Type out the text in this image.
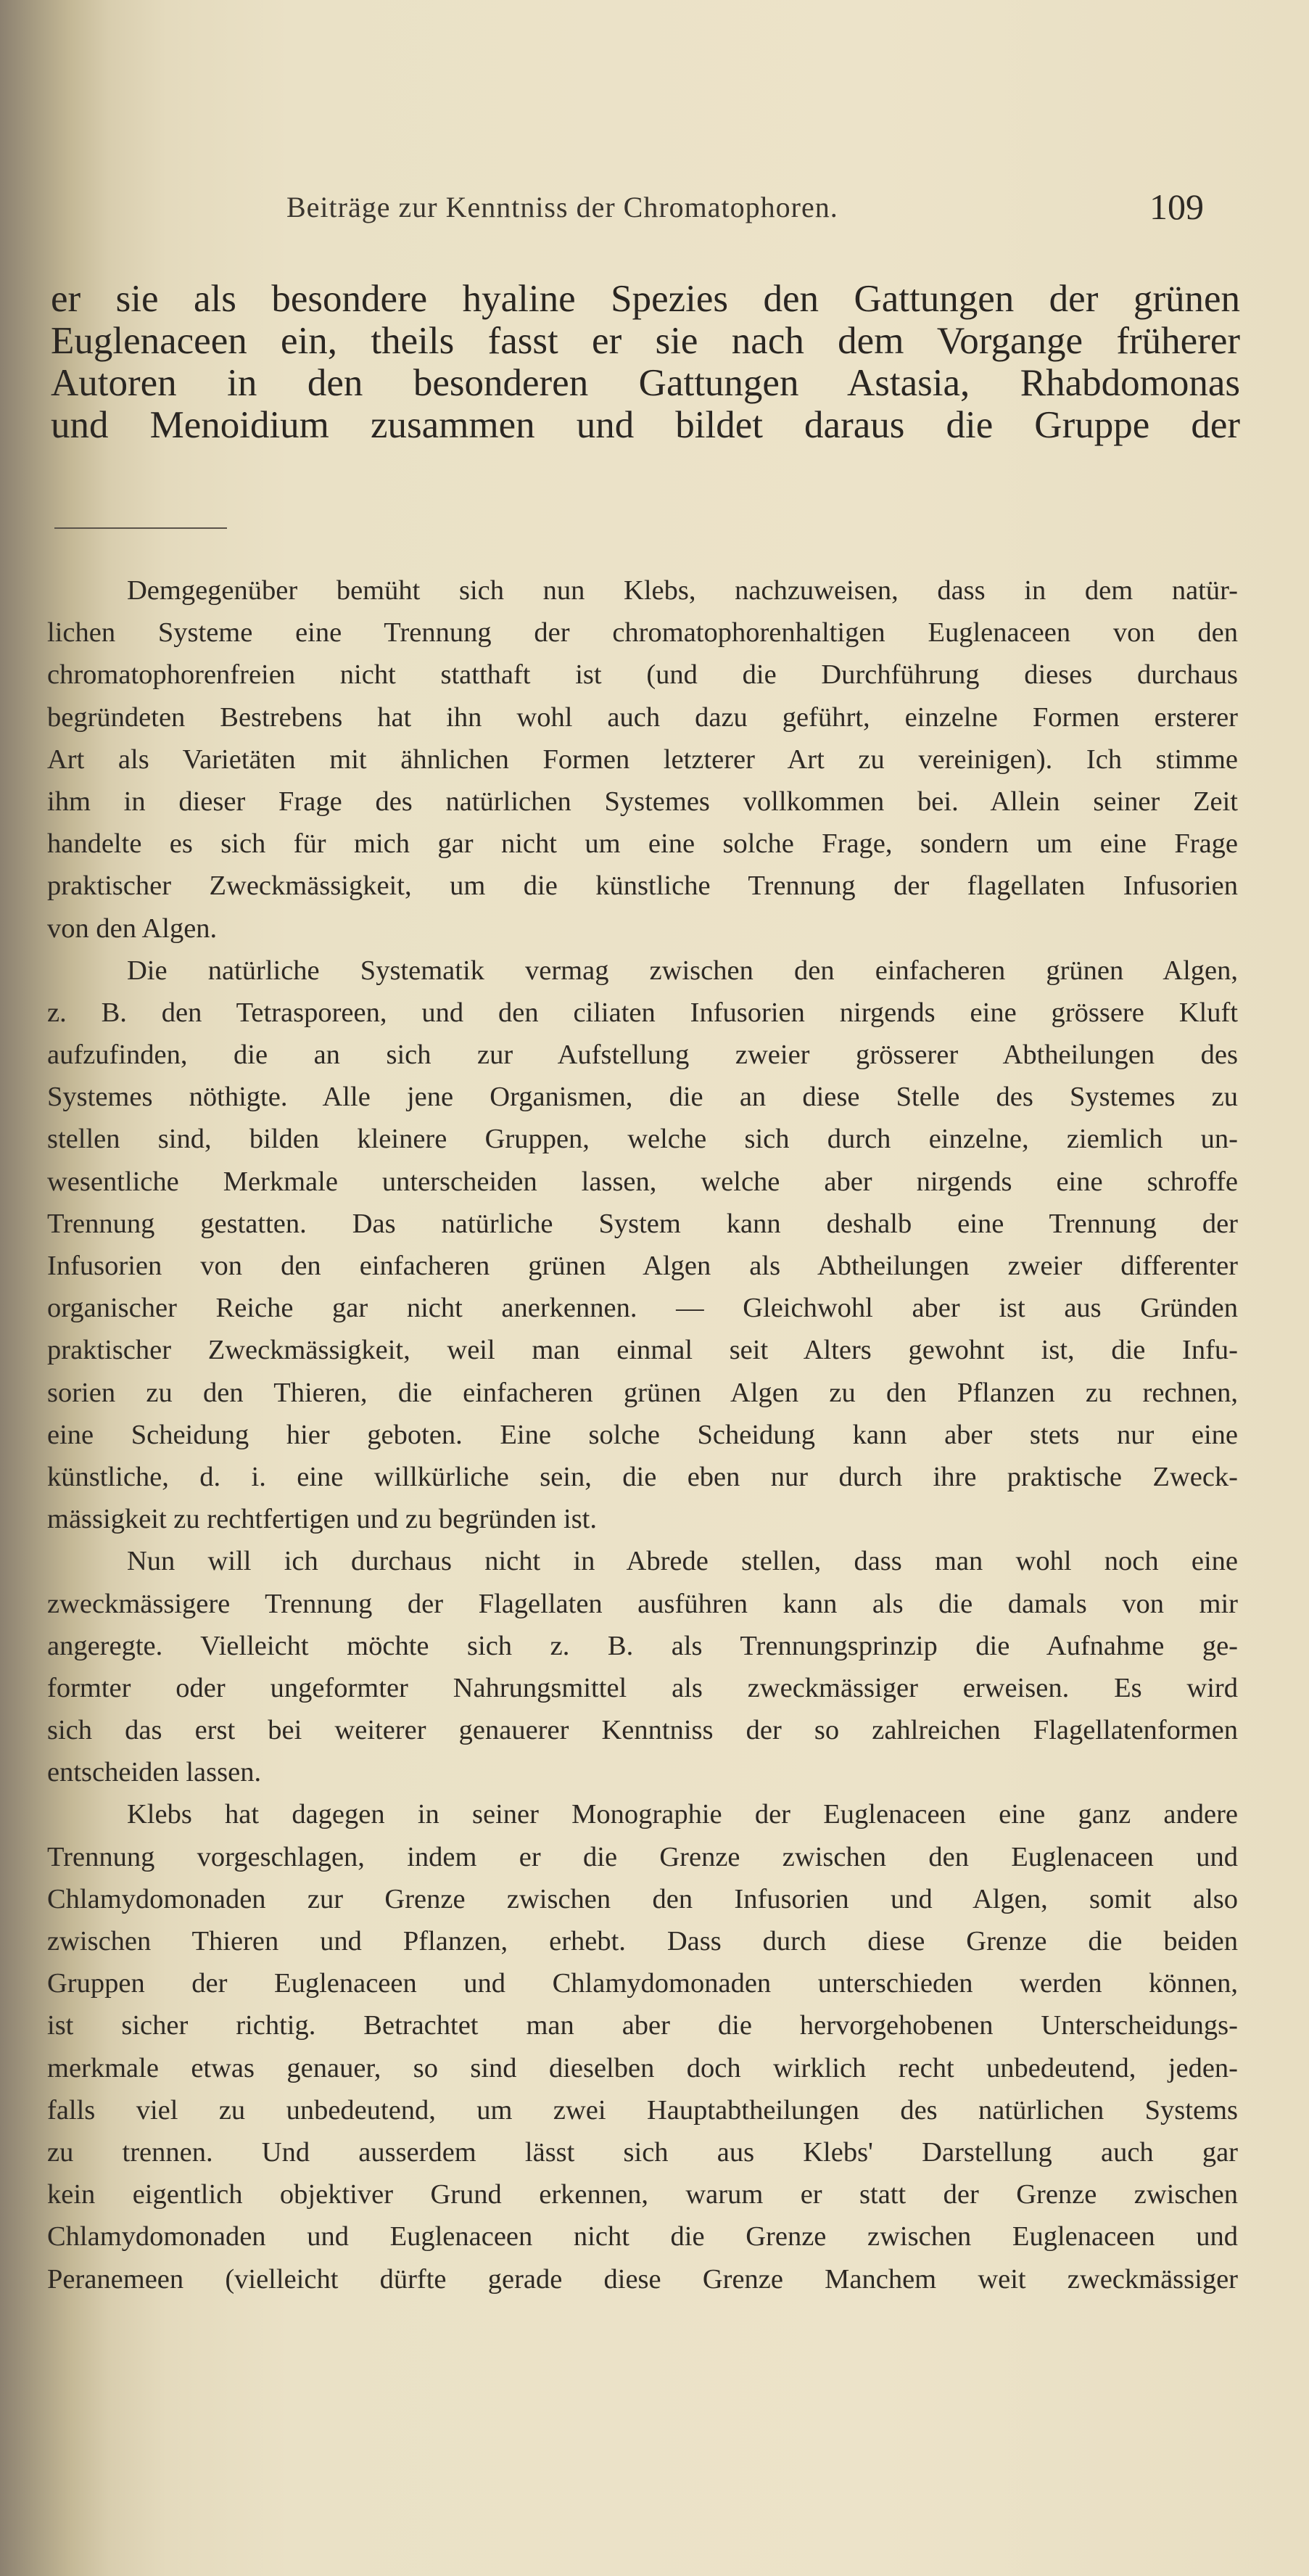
Beiträge zur Kenntniss der Chromatophoren.	109
er sie als besondere hyaline Spezies den Gattungen der grünen
Euglenaceen ein, theils fasst er sie nach dem Vorgange früherer
Autoren in den besonderen Gattungen Astasia, Rhabdomonas
und Menoidium zusammen und bildet daraus die Gruppe der

Demgegenüber bemüht sich nun Klebs, nachzuweisen, dass in dem natür-
lichen Systeme eine Trennung der chromatophorenhaltigen Euglenaceen von den
chromatophorenfreien nicht statthaft ist (und die Durchführung dieses durchaus
begründeten Bestrebens hat ihn wohl auch dazu geführt, einzelne Formen ersterer
Art als Varietäten mit ähnlichen Formen letzterer Art zu vereinigen). Ich stimme
ihm in dieser Frage des natürlichen Systemes vollkommen bei. Allein seiner Zeit
handelte es sich für mich gar nicht um eine solche Frage, sondern um eine Frage
praktischer Zweckmässigkeit, um die künstliche Trennung der flagellaten Infusorien
von den Algen.

Die natürliche Systematik vermag zwischen den einfacheren grünen Algen,
z. B. den Tetrasporeen, und den ciliaten Infusorien nirgends eine grössere Kluft
aufzufinden, die an sich zur Aufstellung zweier grösserer Abtheilungen des
Systemes nöthigte. Alle jene Organismen, die an diese Stelle des Systemes zu
stellen sind, bilden kleinere Gruppen, welche sich durch einzelne, ziemlich un-
wesentliche Merkmale unterscheiden lassen, welche aber nirgends eine schroffe
Trennung gestatten. Das natürliche System kann deshalb eine Trennung der
Infusorien von den einfacheren grünen Algen als Abtheilungen zweier differenter
organischer Reiche gar nicht anerkennen. — Gleichwohl aber ist aus Gründen
praktischer Zweckmässigkeit, weil man einmal seit Alters gewohnt ist, die Infu-
sorien zu den Thieren, die einfacheren grünen Algen zu den Pflanzen zu rechnen,
eine Scheidung hier geboten. Eine solche Scheidung kann aber stets nur eine
künstliche, d. i. eine willkürliche sein, die eben nur durch ihre praktische Zweck-
mässigkeit zu rechtfertigen und zu begründen ist.

Nun will ich durchaus nicht in Abrede stellen, dass man wohl noch eine
zweckmässigere Trennung der Flagellaten ausführen kann als die damals von mir
angeregte. Vielleicht möchte sich z. B. als Trennungsprinzip die Aufnahme ge-
formter oder ungeformter Nahrungsmittel als zweckmässiger erweisen. Es wird
sich das erst bei weiterer genauerer Kenntniss der so zahlreichen Flagellatenformen
entscheiden lassen.

Klebs hat dagegen in seiner Monographie der Euglenaceen eine ganz andere
Trennung vorgeschlagen, indem er die Grenze zwischen den Euglenaceen und
Chlamydomonaden zur Grenze zwischen den Infusorien und Algen, somit also
zwischen Thieren und Pflanzen, erhebt. Dass durch diese Grenze die beiden
Gruppen der Euglenaceen und Chlamydomonaden unterschieden werden können,
ist sicher richtig. Betrachtet man aber die hervorgehobenen Unterscheidungs-
merkmale etwas genauer, so sind dieselben doch wirklich recht unbedeutend, jeden-
falls viel zu unbedeutend, um zwei Hauptabtheilungen des natürlichen Systems
zu trennen. Und ausserdem lässt sich aus Klebs' Darstellung auch gar
kein eigentlich objektiver Grund erkennen, warum er statt der Grenze zwischen
Chlamydomonaden und Euglenaceen nicht die Grenze zwischen Euglenaceen und
Peranemeen (vielleicht dürfte gerade diese Grenze Manchem weit zweckmässiger
